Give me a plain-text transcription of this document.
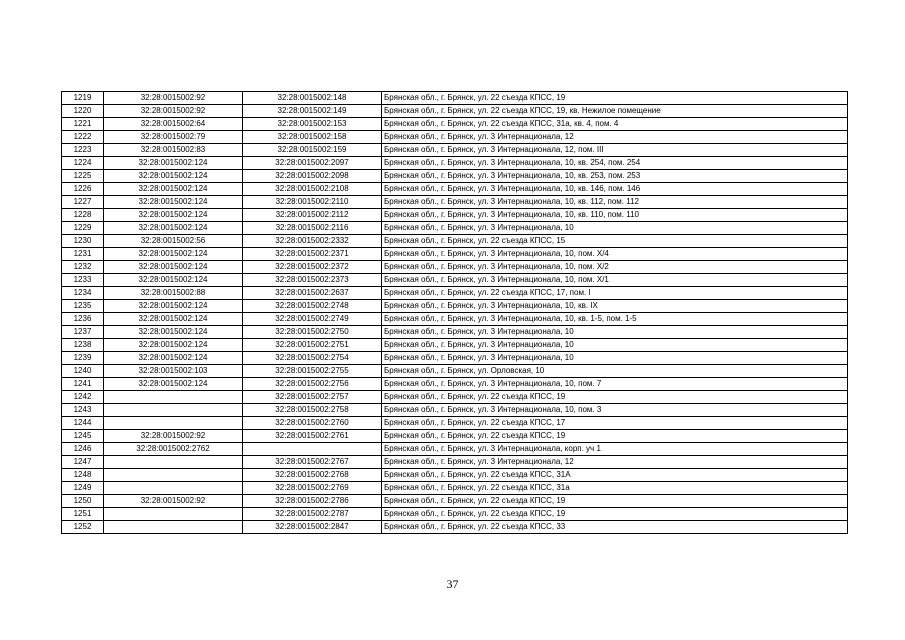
1219	32:28:0015002:92	32:28:0015002:148	Брянская обл., г. Брянск, ул. 22 съезда КПСС, 19
1220	32:28:0015002:92	32:28:0015002:149	Брянская обл., г. Брянск, ул. 22 съезда КПСС, 19, кв. Нежилое помещение
1221	32:28:0015002:64	32:28:0015002:153	Брянская обл., г. Брянск, ул. 22 съезда КПСС, 31а, кв. 4, пом. 4
1222	32:28:0015002:79	32:28:0015002:158	Брянская обл., г. Брянск, ул. 3 Интернационала, 12
1223	32:28:0015002:83	32:28:0015002:159	Брянская обл., г. Брянск, ул. 3 Интернационала, 12, пом. III
1224	32:28:0015002:124	32:28:0015002:2097	Брянская обл., г. Брянск, ул. 3 Интернационала, 10, кв. 254, пом. 254
1225	32:28:0015002:124	32:28:0015002:2098	Брянская обл., г. Брянск, ул. 3 Интернационала, 10, кв. 253, пом. 253
1226	32:28:0015002:124	32:28:0015002:2108	Брянская обл., г. Брянск, ул. 3 Интернационала, 10, кв. 146, пом. 146
1227	32:28:0015002:124	32:28:0015002:2110	Брянская обл., г. Брянск, ул. 3 Интернационала, 10, кв. 112, пом. 112
1228	32:28:0015002:124	32:28:0015002:2112	Брянская обл., г. Брянск, ул. 3 Интернационала, 10, кв. 110, пом. 110
1229	32:28:0015002:124	32:28:0015002:2116	Брянская обл., г. Брянск, ул. 3 Интернационала, 10
1230	32:28:0015002:56	32:28:0015002:2332	Брянская обл., г. Брянск, ул. 22 съезда КПСС, 15
1231	32:28:0015002:124	32:28:0015002:2371	Брянская обл., г. Брянск, ул. 3 Интернационала, 10, пом. Х/4
1232	32:28:0015002:124	32:28:0015002:2372	Брянская обл., г. Брянск, ул. 3 Интернационала, 10, пом. Х/2
1233	32:28:0015002:124	32:28:0015002:2373	Брянская обл., г. Брянск, ул. 3 Интернационала, 10, пом. Х/1
1234	32:28:0015002:88	32:28:0015002:2637	Брянская обл., г. Брянск, ул. 22 съезда КПСС, 17, пом. I
1235	32:28:0015002:124	32:28:0015002:2748	Брянская обл., г. Брянск, ул. 3 Интернационала, 10, кв. IX
1236	32:28:0015002:124	32:28:0015002:2749	Брянская обл., г. Брянск, ул. 3 Интернационала, 10, кв. 1-5, пом. 1-5
1237	32:28:0015002:124	32:28:0015002:2750	Брянская обл., г. Брянск, ул. 3 Интернационала, 10
1238	32:28:0015002:124	32:28:0015002:2751	Брянская обл., г. Брянск, ул. 3 Интернационала, 10
1239	32:28:0015002:124	32:28:0015002:2754	Брянская обл., г. Брянск, ул. 3 Интернационала, 10
1240	32:28:0015002:103	32:28:0015002:2755	Брянская обл., г. Брянск, ул. Орловская, 10
1241	32:28:0015002:124	32:28:0015002:2756	Брянская обл., г. Брянск, ул. 3 Интернационала, 10, пом. 7
1242		32:28:0015002:2757	Брянская обл., г. Брянск, ул. 22 съезда КПСС, 19
1243		32:28:0015002:2758	Брянская обл., г. Брянск, ул. 3 Интернационала, 10, пом. 3
1244		32:28:0015002:2760	Брянская обл., г. Брянск, ул. 22 съезда КПСС, 17
1245	32:28:0015002:92	32:28:0015002:2761	Брянская обл., г. Брянск, ул. 22 съезда КПСС, 19
1246	32:28:0015002:2762		Брянская обл., г. Брянск, ул. 3 Интернационала, корп. уч 1
1247		32:28:0015002:2767	Брянская обл., г. Брянск, ул. 3 Интернационала, 12
1248		32:28:0015002:2768	Брянская обл., г. Брянск, ул. 22 съезда КПСС, 31А
1249		32:28:0015002:2769	Брянская обл., г. Брянск, ул. 22 съезда КПСС, 31а
1250	32:28:0015002:92	32:28:0015002:2786	Брянская обл., г. Брянск, ул. 22 съезда КПСС, 19
1251		32:28:0015002:2787	Брянская обл., г. Брянск, ул. 22 съезда КПСС, 19
1252		32:28:0015002:2847	Брянская обл., г. Брянск, ул. 22 съезда КПСС, 33
37
